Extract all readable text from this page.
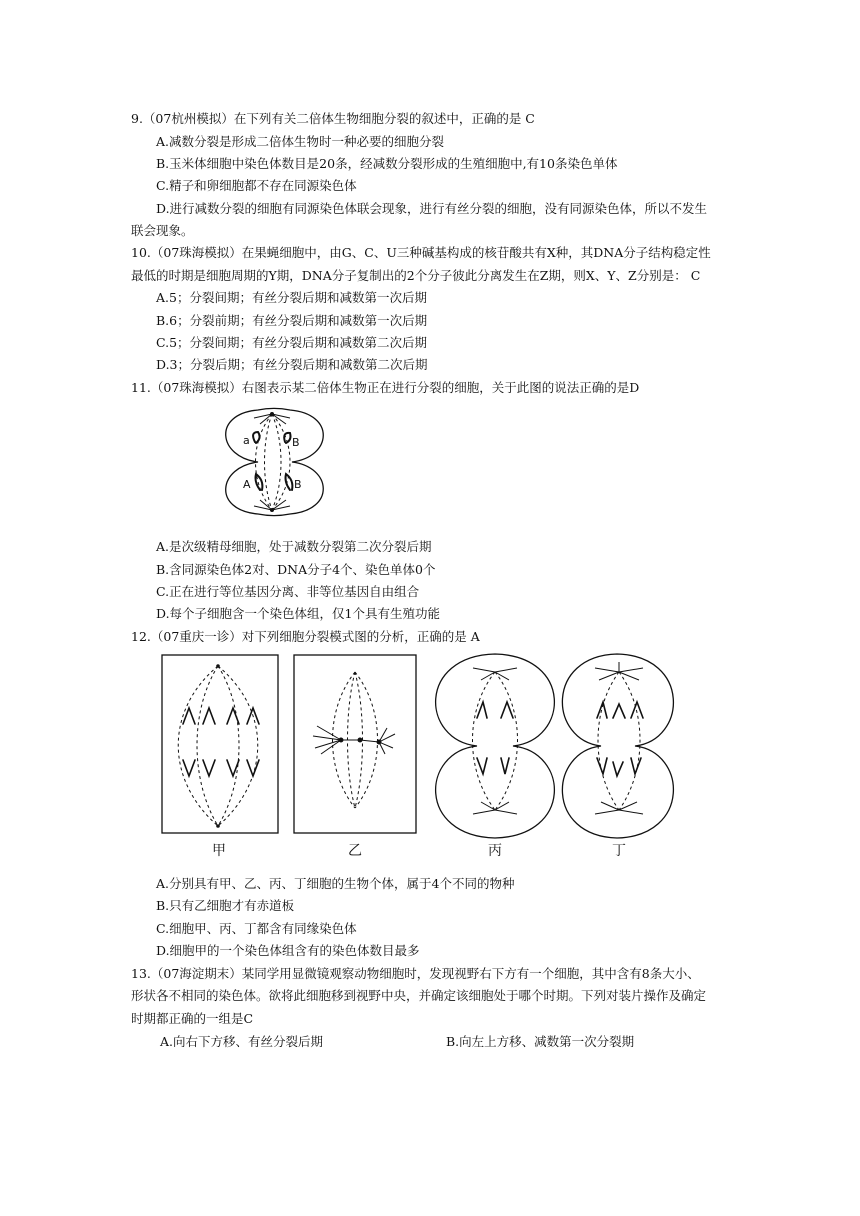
9.（07杭州模拟）在下列有关二倍体生物细胞分裂的叙述中，正确的是 C
A.减数分裂是形成二倍体生物时一种必要的细胞分裂
B.玉米体细胞中染色体数目是20条，经减数分裂形成的生殖细胞中,有10条染色单体
C.精子和卵细胞都不存在同源染色体
D.进行减数分裂的细胞有同源染色体联会现象，进行有丝分裂的细胞，没有同源染色体，所以不发生
联会现象。
10.（07珠海模拟）在果蝇细胞中，由G、C、U三种碱基构成的核苷酸共有X种，其DNA分子结构稳定性
最低的时期是细胞周期的Y期，DNA分子复制出的2个分子彼此分离发生在Z期，则X、Y、Z分别是： C
A.5；分裂间期；有丝分裂后期和减数第一次后期
B.6；分裂前期；有丝分裂后期和减数第一次后期
C.5；分裂间期；有丝分裂后期和减数第二次后期
D.3；分裂后期；有丝分裂后期和减数第二次后期
11.（07珠海模拟）右图表示某二倍体生物正在进行分裂的细胞，关于此图的说法正确的是D
a	B
A	B
A.是次级精母细胞，处于减数分裂第二次分裂后期
B.含同源染色体2对、DNA分子4个、染色单体0个
C.正在进行等位基因分离、非等位基因自由组合
D.每个子细胞含一个染色体组，仅1个具有生殖功能
12.（07重庆一诊）对下列细胞分裂模式图的分析，正确的是 A
甲	乙	丙	丁
A.分别具有甲、乙、丙、丁细胞的生物个体，属于4个不同的物种
B.只有乙细胞才有赤道板
C.细胞甲、丙、丁都含有同缘染色体
D.细胞甲的一个染色体组含有的染色体数目最多
13.（07海淀期末）某同学用显微镜观察动物细胞时，发现视野右下方有一个细胞，其中含有8条大小、
形状各不相同的染色体。欲将此细胞移到视野中央，并确定该细胞处于哪个时期。下列对装片操作及确定
时期都正确的一组是C
A.向右下方移、有丝分裂后期	B.向左上方移、减数第一次分裂期
